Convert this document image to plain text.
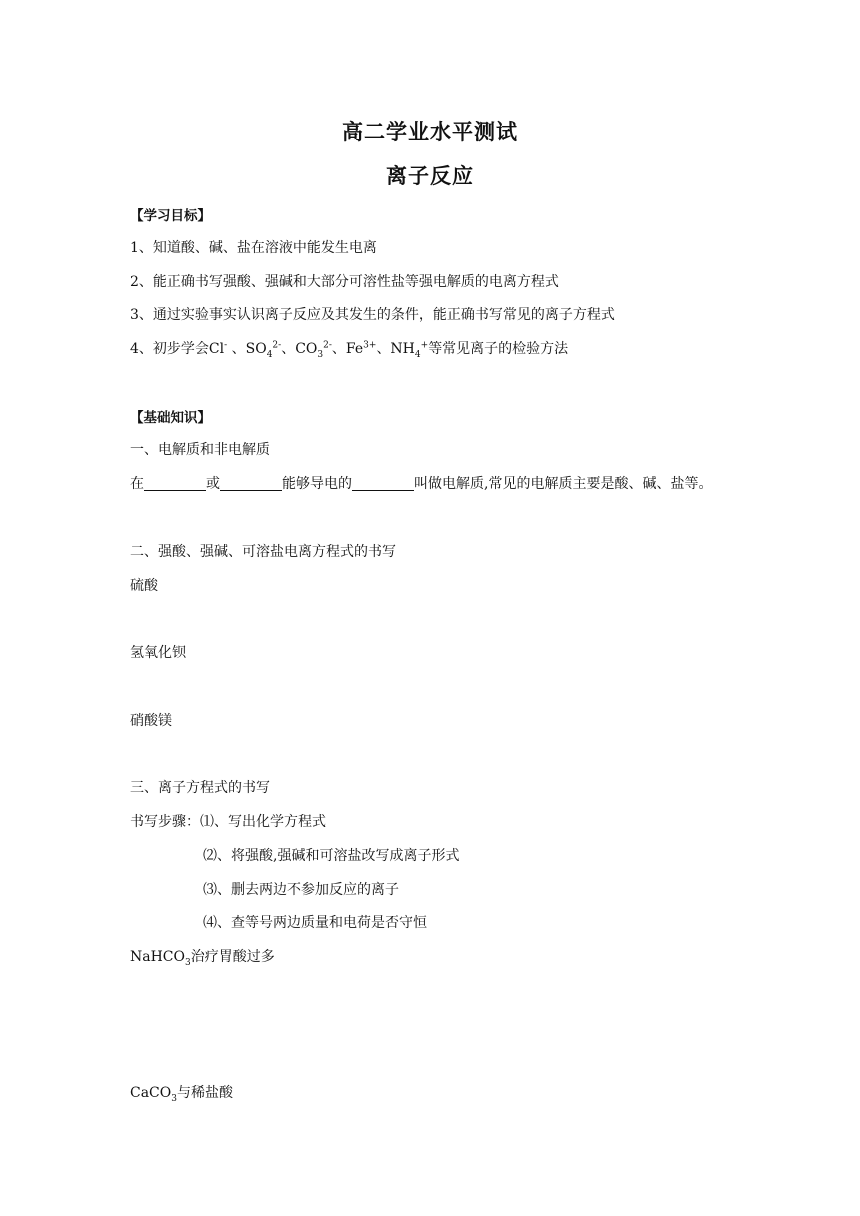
高二学业水平测试
离子反应
【学习目标】
1、知道酸、碱、盐在溶液中能发生电离
2、能正确书写强酸、强碱和大部分可溶性盐等强电解质的电离方程式
3、通过实验事实认识离子反应及其发生的条件，能正确书写常见的离子方程式
4、初步学会Cl- 、$SO_4^{2-}$、$CO_3^{2-}$、$Fe^{3+}$、$NH_4^+$等常见离子的检验方法
【基础知识】
一、电解质和非电解质
在	或	能够导电的	叫做电解质,常见的电解质主要是酸、碱、盐等。
二、强酸、强碱、可溶盐电离方程式的书写
硫酸
氢氧化钡
硝酸镁
三、离子方程式的书写
书写步骤：⑴、写出化学方程式
⑵、将强酸,强碱和可溶盐改写成离子形式
⑶、删去两边不参加反应的离子
⑷、查等号两边质量和电荷是否守恒
NaHCO$_3$治疗胃酸过多
CaCO$_3$与稀盐酸
